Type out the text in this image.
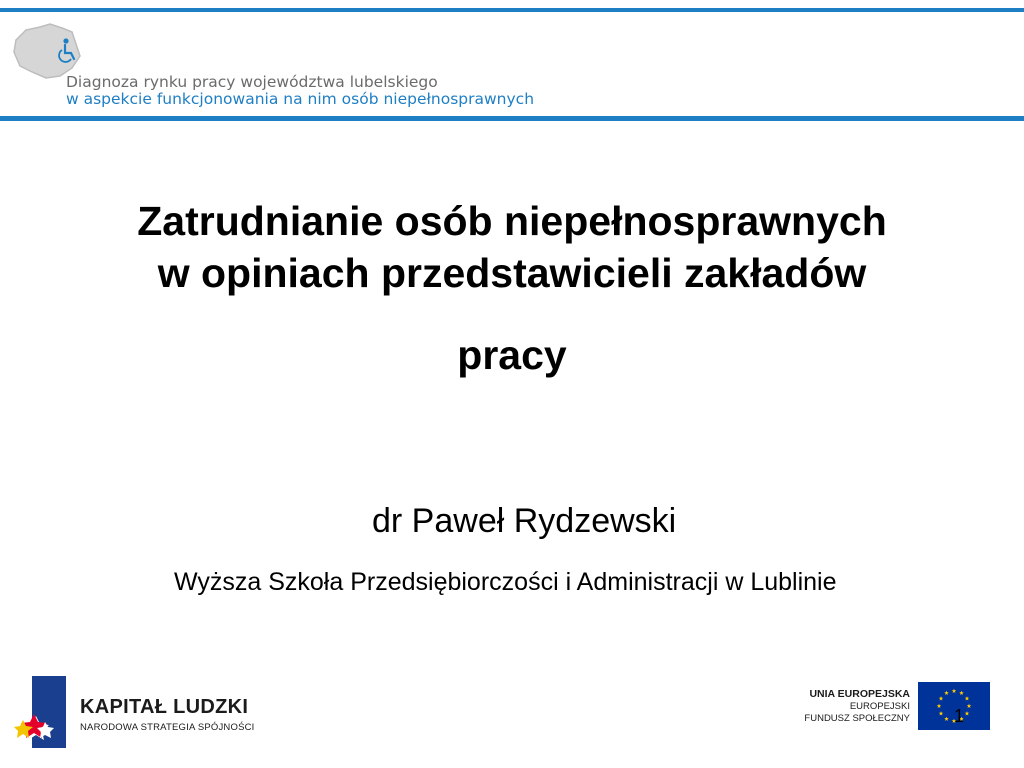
Diagnoza rynku pracy województwa lubelskiego
w aspekcie funkcjonowania na nim osób niepełnosprawnych
Zatrudnianie osób niepełnosprawnych
w opiniach przedstawicieli zakładów
pracy
dr Paweł Rydzewski
Wyższa Szkoła Przedsiębiorczości i Administracji w Lublinie
KAPITAŁ LUDZKI
NARODOWA STRATEGIA SPÓJNOŚCI
UNIA EUROPEJSKA
EUROPEJSKI
FUNDUSZ SPOŁECZNY 1
